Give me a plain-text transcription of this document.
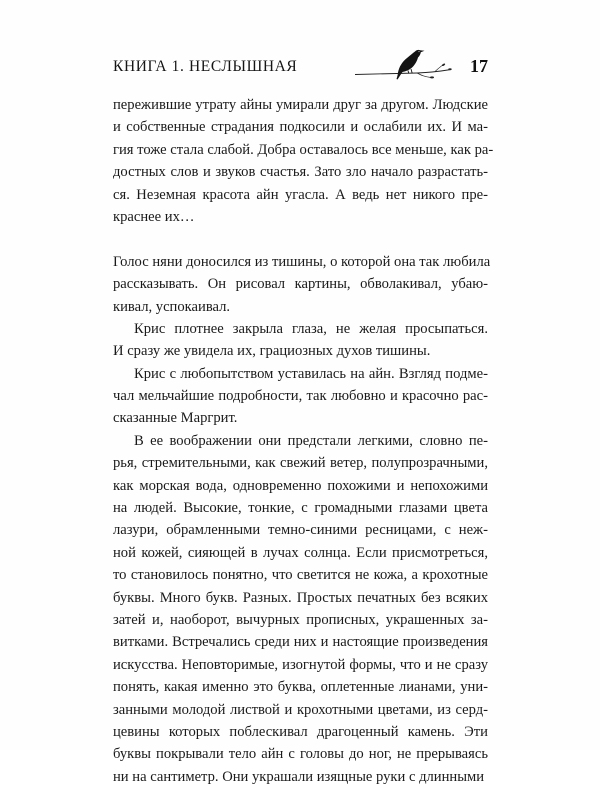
КНИГА 1. НЕСЛЫШНАЯ	17
пережившие утрату айны умирали друг за другом. Людские
и собственные страдания подкосили и ослабили их. И ма-
гия тоже стала слабой. Добра оставалось все меньше, как ра-
достных слов и звуков счастья. Зато зло начало разрастать-
ся. Неземная красота айн угасла. А ведь нет никого пре-
краснее их…
Голос няни доносился из тишины, о которой она так любила
рассказывать. Он рисовал картины, обволакивал, убаю-
кивал, успокаивал.
Крис плотнее закрыла глаза, не желая просыпаться.
И сразу же увидела их, грациозных духов тишины.
Крис с любопытством уставилась на айн. Взгляд подме-
чал мельчайшие подробности, так любовно и красочно рас-
сказанные Маргрит.
В ее воображении они предстали легкими, словно пе-
рья, стремительными, как свежий ветер, полупрозрачными,
как морская вода, одновременно похожими и непохожими
на людей. Высокие, тонкие, с громадными глазами цвета
лазури, обрамленными темно-синими ресницами, с неж-
ной кожей, сияющей в лучах солнца. Если присмотреться,
то становилось понятно, что светится не кожа, а крохотные
буквы. Много букв. Разных. Простых печатных без всяких
затей и, наоборот, вычурных прописных, украшенных за-
витками. Встречались среди них и настоящие произведения
искусства. Неповторимые, изогнутой формы, что и не сразу
понять, какая именно это буква, оплетенные лианами, уни-
занными молодой листвой и крохотными цветами, из серд-
цевины которых поблескивал драгоценный камень. Эти
буквы покрывали тело айн с головы до ног, не прерываясь
ни на сантиметр. Они украшали изящные руки с длинными
